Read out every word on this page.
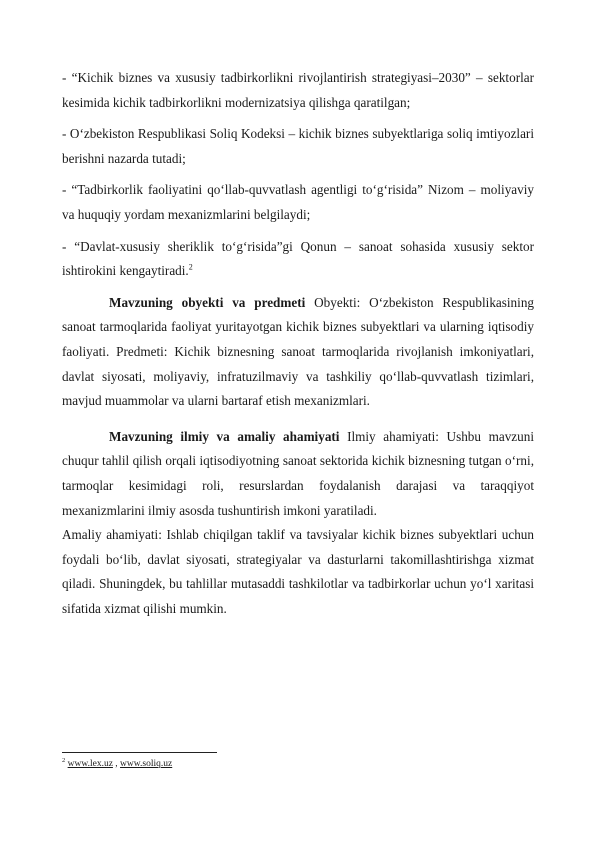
- “Kichik biznes va xususiy tadbirkorlikni rivojlantirish strategiyasi–2030” – sektorlar kesimida kichik tadbirkorlikni modernizatsiya qilishga qaratilgan;

- O‘zbekiston Respublikasi Soliq Kodeksi – kichik biznes subyektlariga soliq imtiyozlari berishni nazarda tutadi;

- “Tadbirkorlik faoliyatini qo‘llab-quvvatlash agentligi to‘g‘risida” Nizom – moliyaviy va huquqiy yordam mexanizmlarini belgilaydi;

- “Davlat-xususiy sheriklik to‘g‘risida”gi Qonun – sanoat sohasida xususiy sektor ishtirokini kengaytiradi.$^2$

Mavzuning obyekti va predmeti Obyekti: O‘zbekiston Respublikasining sanoat tarmoqlarida faoliyat yuritayotgan kichik biznes subyektlari va ularning iqtisodiy faoliyati. Predmeti: Kichik biznesning sanoat tarmoqlarida rivojlanish imkoniyatlari, davlat siyosati, moliyaviy, infratuzilmaviy va tashkiliy qo‘llab-quvvatlash tizimlari, mavjud muammolar va ularni bartaraf etish mexanizmlari.

Mavzuning ilmiy va amaliy ahamiyati Ilmiy ahamiyati: Ushbu mavzuni chuqur tahlil qilish orqali iqtisodiyotning sanoat sektorida kichik biznesning tutgan o‘rni, tarmoqlar kesimidagi roli, resurslardan foydalanish darajasi va taraqqiyot mexanizmlarini ilmiy asosda tushuntirish imkoni yaratiladi.

Amaliy ahamiyati: Ishlab chiqilgan taklif va tavsiyalar kichik biznes subyektlari uchun foydali bo‘lib, davlat siyosati, strategiyalar va dasturlarni takomillashtirishga xizmat qiladi. Shuningdek, bu tahlillar mutasaddi tashkilotlar va tadbirkorlar uchun yo‘l xaritasi sifatida xizmat qilishi mumkin.

$^2$ www.lex.uz , www.soliq.uz
